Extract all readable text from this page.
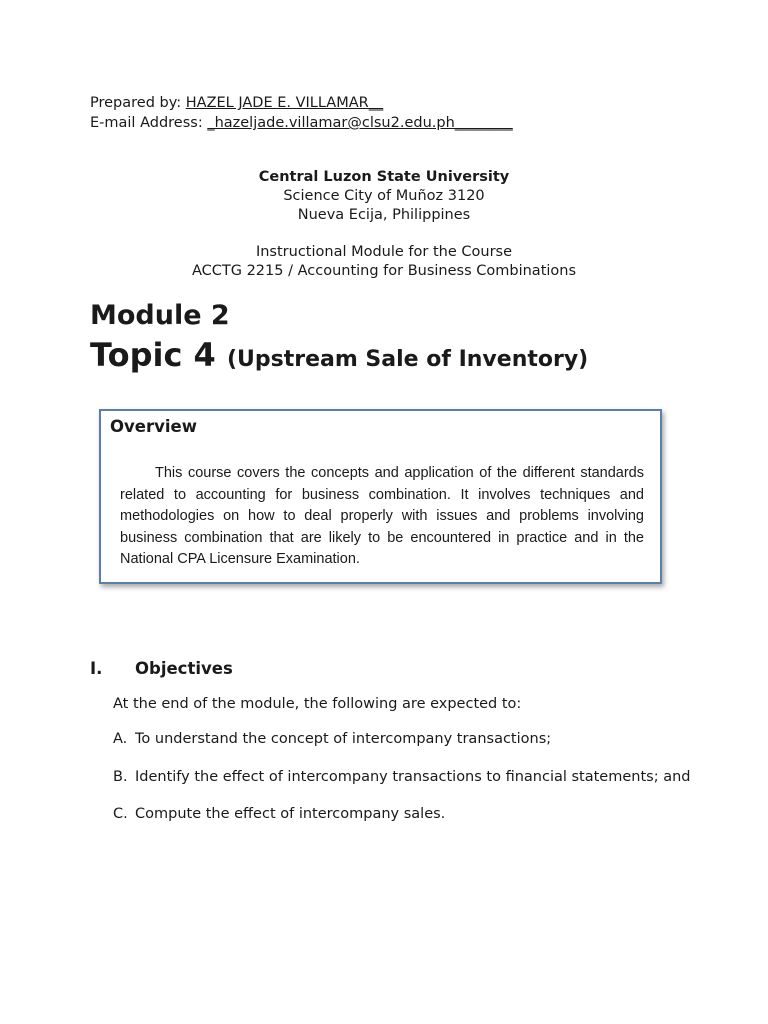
Prepared by: HAZEL JADE E. VILLAMAR__
E-mail Address: _hazeljade.villamar@clsu2.edu.ph________
Central Luzon State University
Science City of Muñoz 3120
Nueva Ecija, Philippines
Instructional Module for the Course
ACCTG 2215 / Accounting for Business Combinations
Module 2
Topic 4 (Upstream Sale of Inventory)
Overview
This course covers the concepts and application of the different standards related to accounting for business combination. It involves techniques and methodologies on how to deal properly with issues and problems involving business combination that are likely to be encountered in practice and in the National CPA Licensure Examination.
I. Objectives
At the end of the module, the following are expected to:
A. To understand the concept of intercompany transactions;
B. Identify the effect of intercompany transactions to financial statements; and
C. Compute the effect of intercompany sales.
